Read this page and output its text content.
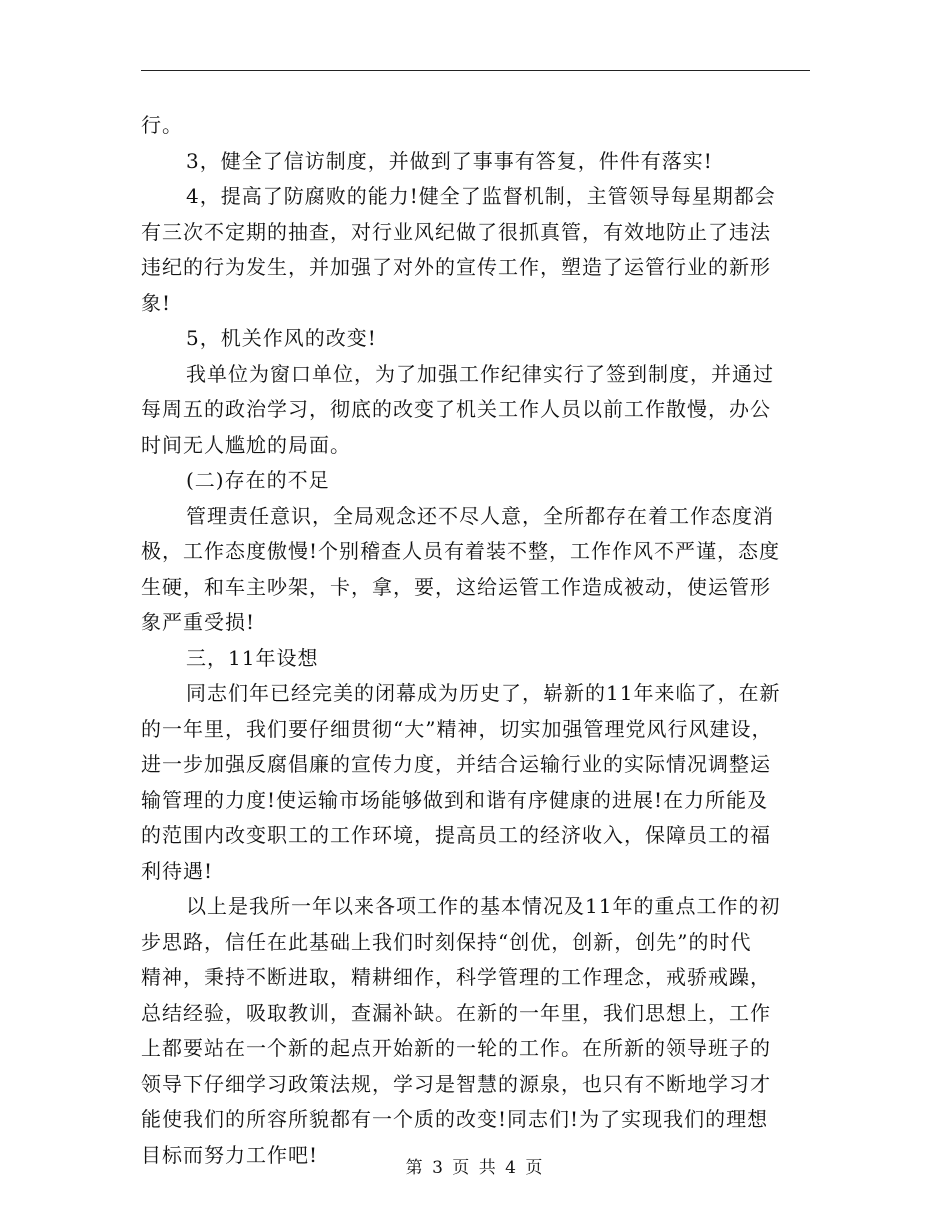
行。
3，健全了信访制度，并做到了事事有答复，件件有落实!
4，提高了防腐败的能力!健全了监督机制，主管领导每星期都会
有三次不定期的抽查，对行业风纪做了很抓真管，有效地防止了违法
违纪的行为发生，并加强了对外的宣传工作，塑造了运管行业的新形
象!
5，机关作风的改变!
我单位为窗口单位，为了加强工作纪律实行了签到制度，并通过
每周五的政治学习，彻底的改变了机关工作人员以前工作散慢，办公
时间无人尴尬的局面。
(二)存在的不足
管理责任意识，全局观念还不尽人意，全所都存在着工作态度消
极，工作态度傲慢!个别稽查人员有着装不整，工作作风不严谨，态度
生硬，和车主吵架，卡，拿，要，这给运管工作造成被动，使运管形
象严重受损!
三，11年设想
同志们年已经完美的闭幕成为历史了，崭新的11年来临了，在新
的一年里，我们要仔细贯彻“大”精神，切实加强管理党风行风建设，
进一步加强反腐倡廉的宣传力度，并结合运输行业的实际情况调整运
输管理的力度!使运输市场能够做到和谐有序健康的进展!在力所能及
的范围内改变职工的工作环境，提高员工的经济收入，保障员工的福
利待遇!
以上是我所一年以来各项工作的基本情况及11年的重点工作的初
步思路，信任在此基础上我们时刻保持“创优，创新，创先”的时代
精神，秉持不断进取，精耕细作，科学管理的工作理念，戒骄戒躁，
总结经验，吸取教训，查漏补缺。在新的一年里，我们思想上，工作
上都要站在一个新的起点开始新的一轮的工作。在所新的领导班子的
领导下仔细学习政策法规，学习是智慧的源泉，也只有不断地学习才
能使我们的所容所貌都有一个质的改变!同志们!为了实现我们的理想
目标而努力工作吧!
第 3 页 共 4 页
